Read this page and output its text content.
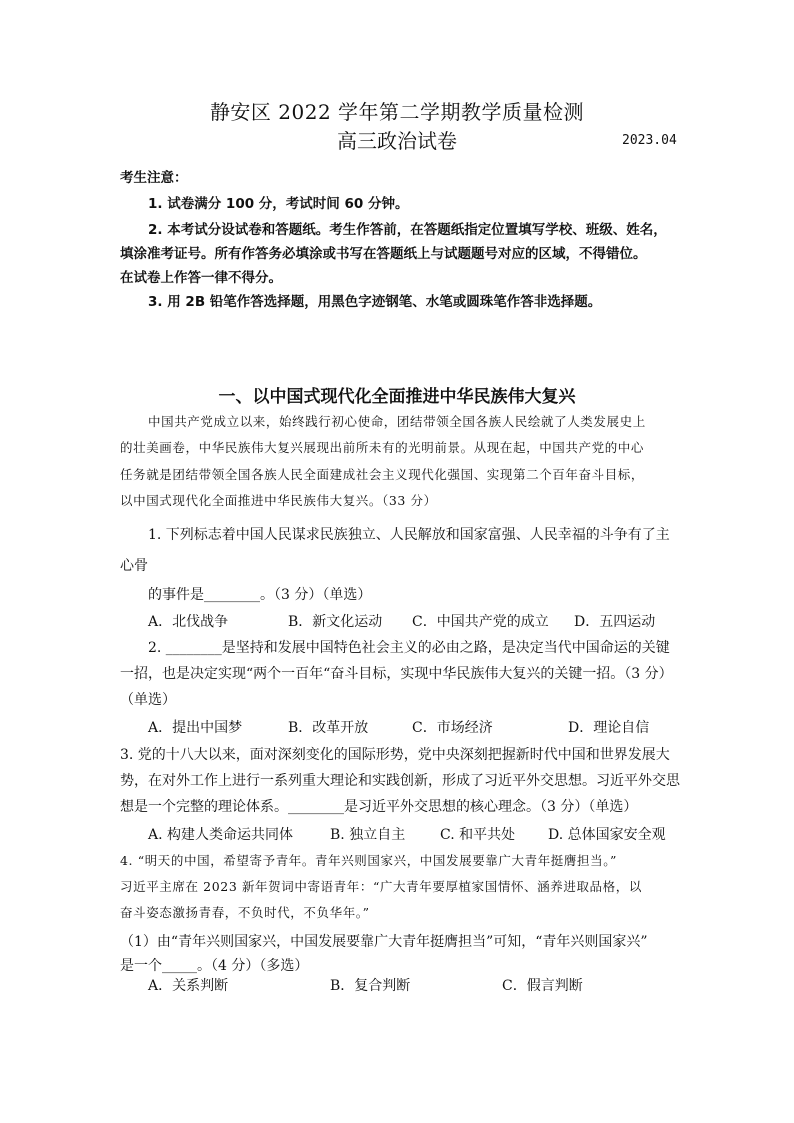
静安区 2022 学年第二学期教学质量检测
高三政治试卷	2023.04
考生注意：
1. 试卷满分 100 分，考试时间 60 分钟。
2. 本考试分设试卷和答题纸。考生作答前，在答题纸指定位置填写学校、班级、姓名，
填涂准考证号。所有作答务必填涂或书写在答题纸上与试题题号对应的区域，不得错位。
在试卷上作答一律不得分。
3. 用 2B 铅笔作答选择题，用黑色字迹钢笔、水笔或圆珠笔作答非选择题。
一、以中国式现代化全面推进中华民族伟大复兴
中国共产党成立以来，始终践行初心使命，团结带领全国各族人民绘就了人类发展史上
的壮美画卷，中华民族伟大复兴展现出前所未有的光明前景。从现在起，中国共产党的中心
任务就是团结带领全国各族人民全面建成社会主义现代化强国、实现第二个百年奋斗目标，
以中国式现代化全面推进中华民族伟大复兴。（33 分）
1. 下列标志着中国人民谋求民族独立、人民解放和国家富强、人民幸福的斗争有了主
心骨
的事件是________。（3 分）（单选）
A．北伐战争	B．新文化运动 C．中国共产党的成立 D．五四运动
2. ________是坚持和发展中国特色社会主义的必由之路，是决定当代中国命运的关键
一招，也是决定实现“两个一百年“奋斗目标，实现中华民族伟大复兴的关键一招。（3 分）
（单选）
A．提出中国梦	B．改革开放	C．市场经济	D．理论自信
3. 党的十八大以来，面对深刻变化的国际形势，党中央深刻把握新时代中国和世界发展大
势，在对外工作上进行一系列重大理论和实践创新，形成了习近平外交思想。习近平外交思
想是一个完整的理论体系。________是习近平外交思想的核心理念。（3 分）（单选）
A. 构建人类命运共同体	B. 独立自主 C. 和平共处 D. 总体国家安全观
4. “明天的中国，希望寄予青年。青年兴则国家兴，中国发展要靠广大青年挺膺担当。”
习近平主席在 2023 新年贺词中寄语青年：“广大青年要厚植家国情怀、涵养进取品格，以
奋斗姿态激扬青春，不负时代，不负华年。”
（1）由“青年兴则国家兴，中国发展要靠广大青年挺膺担当”可知，“青年兴则国家兴”
是一个_____。（4 分）（多选）
A．关系判断	B．复合判断	C．假言判断
